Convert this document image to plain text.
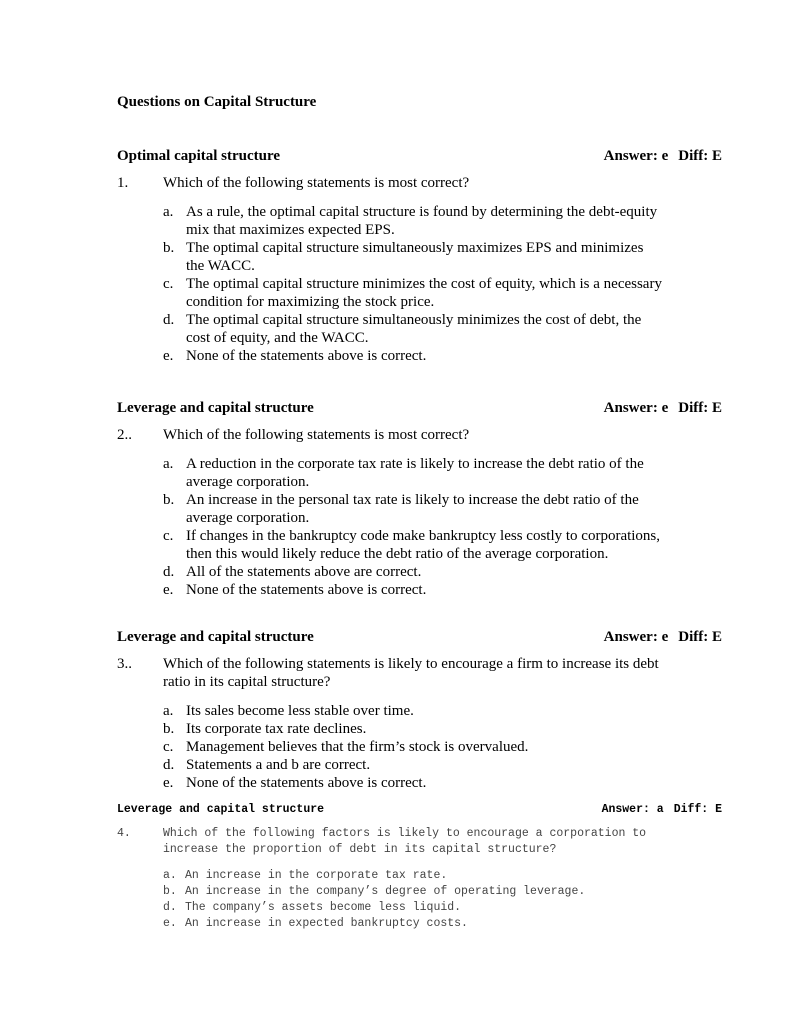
Questions on Capital Structure
Optimal capital structure	Answer: e Diff: E
1. Which of the following statements is most correct?
a. As a rule, the optimal capital structure is found by determining the debt-equity mix that maximizes expected EPS.
b. The optimal capital structure simultaneously maximizes EPS and minimizes the WACC.
c. The optimal capital structure minimizes the cost of equity, which is a necessary condition for maximizing the stock price.
d. The optimal capital structure simultaneously minimizes the cost of debt, the cost of equity, and the WACC.
e. None of the statements above is correct.
Leverage and capital structure	Answer: e Diff: E
2.. Which of the following statements is most correct?
a. A reduction in the corporate tax rate is likely to increase the debt ratio of the average corporation.
b. An increase in the personal tax rate is likely to increase the debt ratio of the average corporation.
c. If changes in the bankruptcy code make bankruptcy less costly to corporations, then this would likely reduce the debt ratio of the average corporation.
d. All of the statements above are correct.
e. None of the statements above is correct.
Leverage and capital structure	Answer: e Diff: E
3.. Which of the following statements is likely to encourage a firm to increase its debt ratio in its capital structure?
a. Its sales become less stable over time.
b. Its corporate tax rate declines.
c. Management believes that the firm’s stock is overvalued.
d. Statements a and b are correct.
e. None of the statements above is correct.
Leverage and capital structure	Answer: a Diff: E
4.	Which of the following factors is likely to encourage a corporation to increase the proportion of debt in its capital structure?
a. An increase in the corporate tax rate.
b. An increase in the company’s degree of operating leverage.
d. The company’s assets become less liquid.
e. An increase in expected bankruptcy costs.
